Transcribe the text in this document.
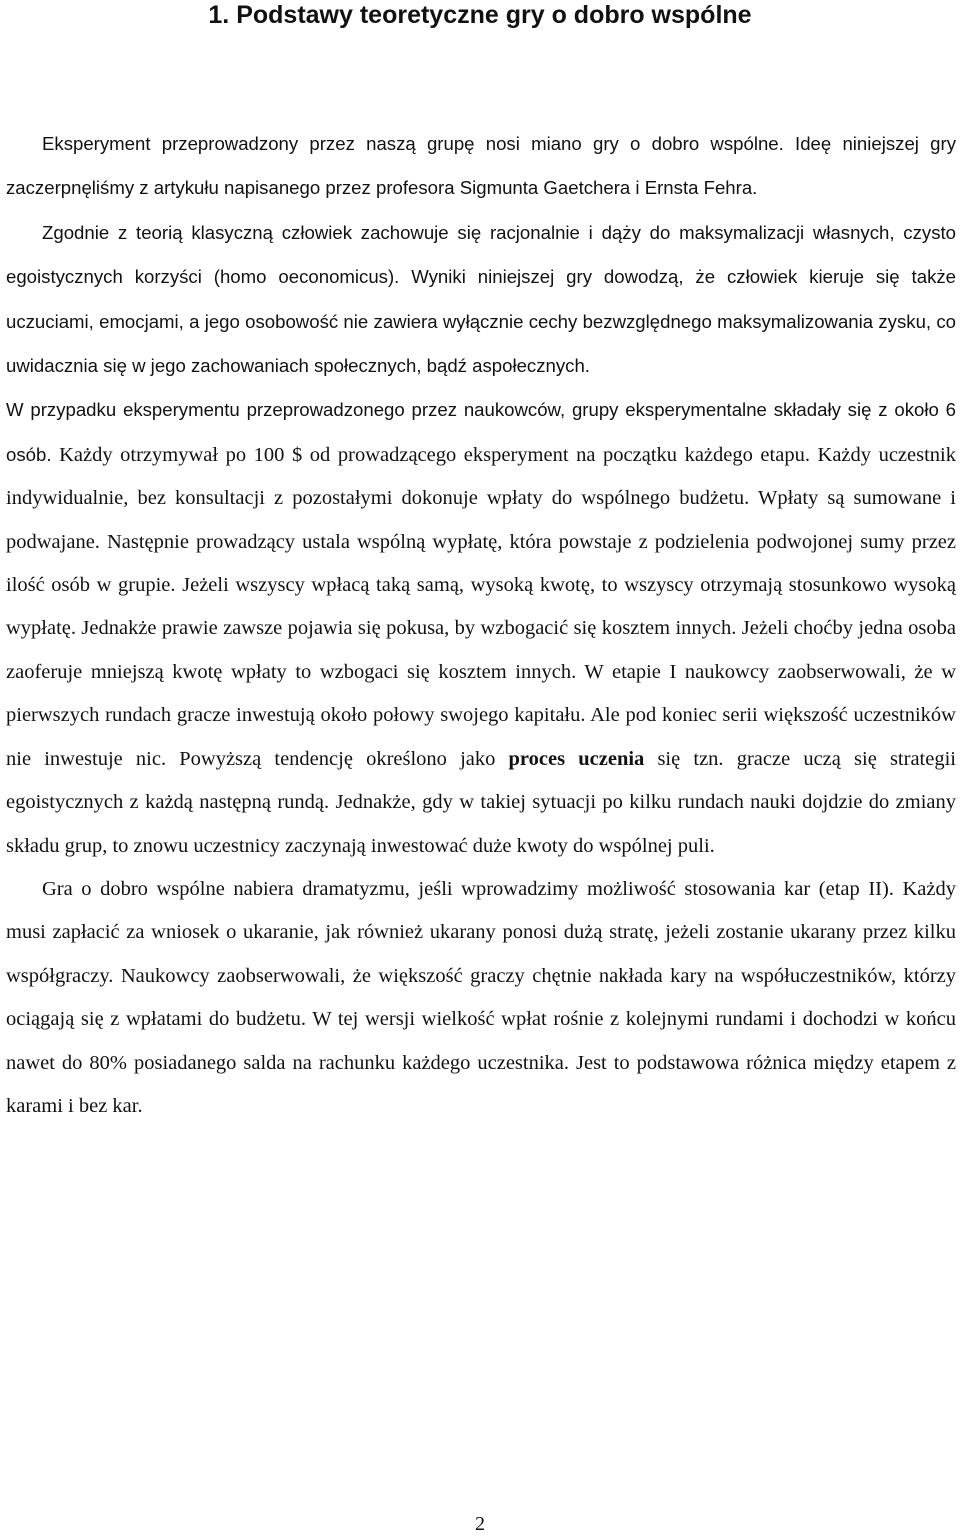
1. Podstawy teoretyczne gry o dobro wspólne

Eksperyment przeprowadzony przez naszą grupę nosi miano gry o dobro wspólne. Ideę niniejszej gry zaczerpnęliśmy z artykułu napisanego przez profesora Sigmunta Gaetchera i Ernsta Fehra.

Zgodnie z teorią klasyczną człowiek zachowuje się racjonalnie i dąży do maksymalizacji własnych, czysto egoistycznych korzyści (homo oeconomicus). Wyniki niniejszej gry dowodzą, że człowiek kieruje się także uczuciami, emocjami, a jego osobowość nie zawiera wyłącznie cechy bezwzględnego maksymalizowania zysku, co uwidacznia się w jego zachowaniach społecznych, bądź aspołecznych.

W przypadku eksperymentu przeprowadzonego przez naukowców, grupy eksperymentalne składały się z około 6 osób. Każdy otrzymywał po 100 $ od prowadzącego eksperyment na początku każdego etapu. Każdy uczestnik indywidualnie, bez konsultacji z pozostałymi dokonuje wpłaty do wspólnego budżetu. Wpłaty są sumowane i podwajane. Następnie prowadzący ustala wspólną wypłatę, która powstaje z podzielenia podwojonej sumy przez ilość osób w grupie. Jeżeli wszyscy wpłacą taką samą, wysoką kwotę, to wszyscy otrzymają stosunkowo wysoką wypłatę. Jednakże prawie zawsze pojawia się pokusa, by wzbogacić się kosztem innych. Jeżeli choćby jedna osoba zaoferuje mniejszą kwotę wpłaty to wzbogaci się kosztem innych. W etapie I naukowcy zaobserwowali, że w pierwszych rundach gracze inwestują około połowy swojego kapitału. Ale pod koniec serii większość uczestników nie inwestuje nic. Powyższą tendencję określono jako proces uczenia się tzn. gracze uczą się strategii egoistycznych z każdą następną rundą. Jednakże, gdy w takiej sytuacji po kilku rundach nauki dojdzie do zmiany składu grup, to znowu uczestnicy zaczynają inwestować duże kwoty do wspólnej puli.

Gra o dobro wspólne nabiera dramatyzmu, jeśli wprowadzimy możliwość stosowania kar (etap II). Każdy musi zapłacić za wniosek o ukaranie, jak również ukarany ponosi dużą stratę, jeżeli zostanie ukarany przez kilku współgraczy. Naukowcy zaobserwowali, że większość graczy chętnie nakłada kary na współuczestników, którzy ociągają się z wpłatami do budżetu. W tej wersji wielkość wpłat rośnie z kolejnymi rundami i dochodzi w końcu nawet do 80% posiadanego salda na rachunku każdego uczestnika. Jest to podstawowa różnica między etapem z karami i bez kar.

2
